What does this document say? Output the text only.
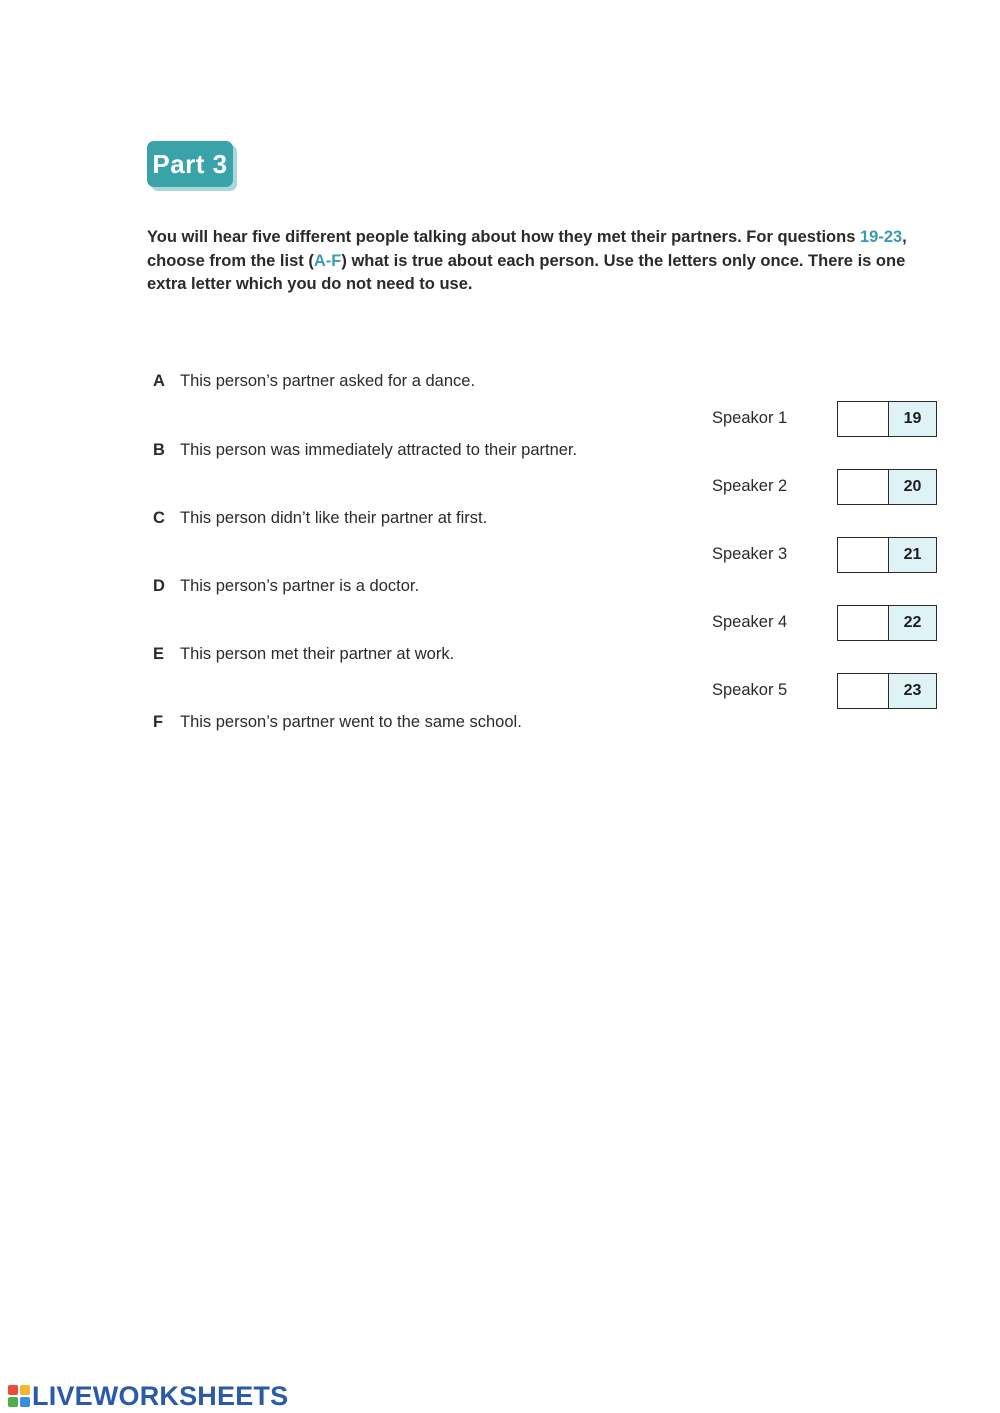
Part 3
You will hear five different people talking about how they met their partners. For questions 19-23, choose from the list (A-F) what is true about each person. Use the letters only once. There is one extra letter which you do not need to use.
A This person’s partner asked for a dance.
B This person was immediately attracted to their partner.
C This person didn’t like their partner at first.
D This person’s partner is a doctor.
E This person met their partner at work.
F This person’s partner went to the same school.
Speakor 1	19
Speaker 2	20
Speaker 3	21
Speaker 4	22
Speakor 5	23
LIVEWORKSHEETS
